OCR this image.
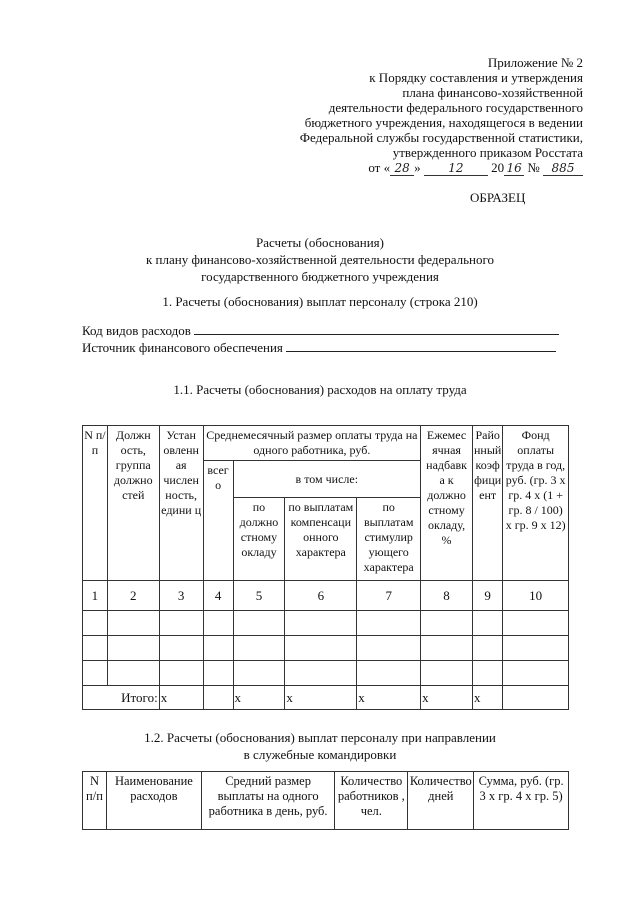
Приложение № 2
к Порядку составления и утверждения
плана финансово-хозяйственной
деятельности федерального государственного
бюджетного учреждения, находящегося в ведении
Федеральной службы государственной статистики,
утвержденного приказом Росстата
от « 28 » 12 20 16 № 885
ОБРАЗЕЦ
Расчеты (обоснования)
к плану финансово-хозяйственной деятельности федерального
государственного бюджетного учреждения
1. Расчеты (обоснования) выплат персоналу (строка 210)
Код видов расходов
Источник финансового обеспечения
1.1. Расчеты (обоснования) расходов на оплату труда
N п/п	Должн ость, группа должно стей	Устан овленн ая числен ность, едини ц	Среднемесячный размер оплаты труда на одного работника, руб.				Ежемес ячная надбавк а к должно стному окладу, %	Райо нный коэф фици ент	Фонд оплаты труда в год, руб. (гр. 3 х гр. 4 х (1 + гр. 8 / 100) х гр. 9 х 12)
			всег о	в том числе:					
				по должно стному окладу	по выплатам компенсаци онного характера	по выплатам стимулир ующего характера			
1	2	3	4	5	6	7	8	9	10

Итого:		х		х	х	х	х	х	
1.2. Расчеты (обоснования) выплат персоналу при направлении
в служебные командировки
N п/п	Наименование расходов	Средний размер выплаты на одного работника в день, руб.	Количество работников , чел.	Количество дней	Сумма, руб. (гр. 3 х гр. 4 х гр. 5)
